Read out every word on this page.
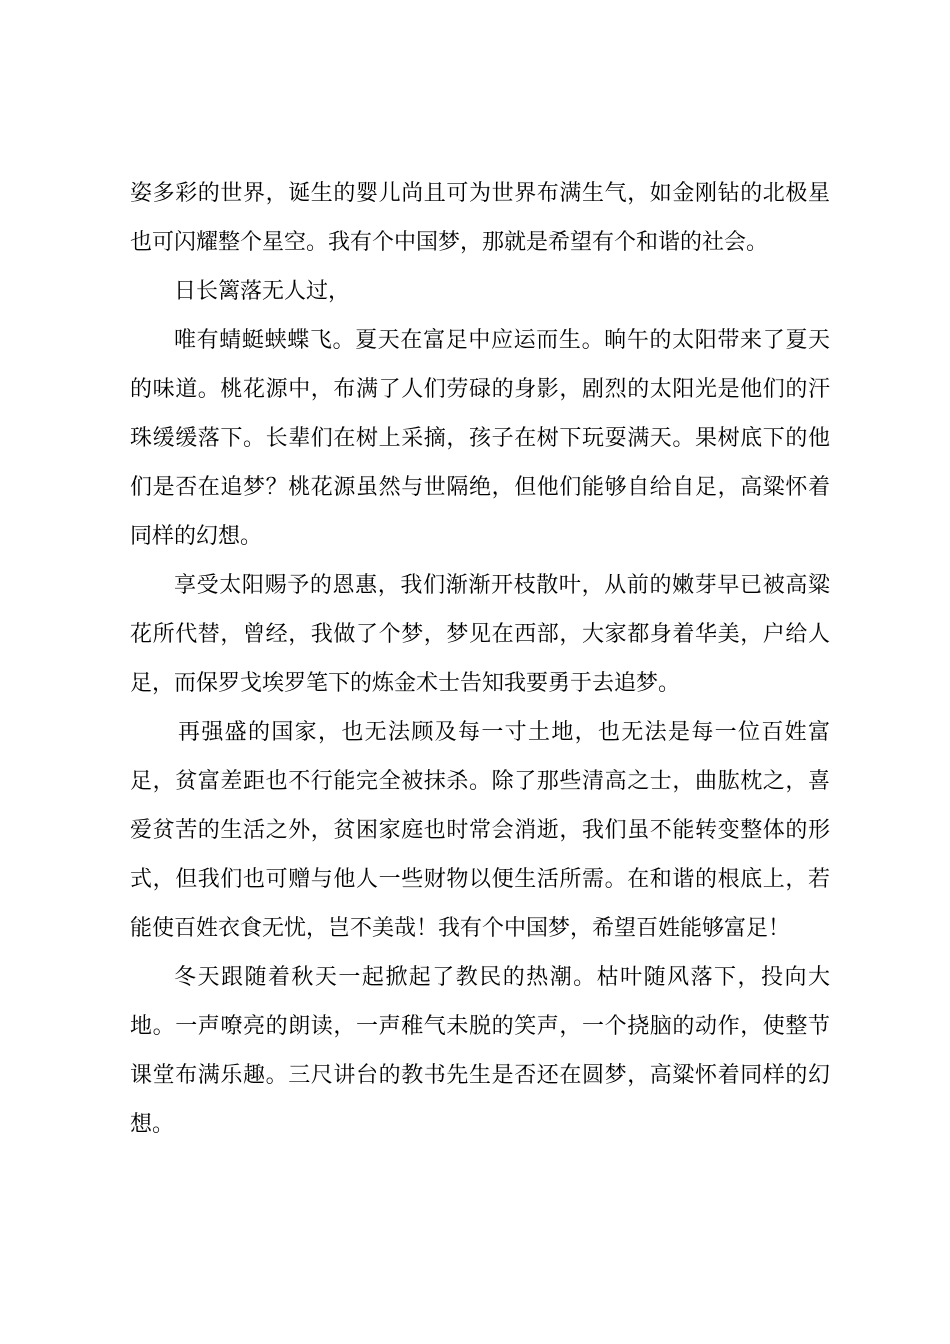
姿多彩的世界，诞生的婴儿尚且可为世界布满生气，如金刚钻的北极星
也可闪耀整个星空。我有个中国梦，那就是希望有个和谐的社会。
日长篱落无人过，
唯有蜻蜓蛱蝶飞。夏天在富足中应运而生。晌午的太阳带来了夏天
的味道。桃花源中，布满了人们劳碌的身影，剧烈的太阳光是他们的汗
珠缓缓落下。长辈们在树上采摘，孩子在树下玩耍满天。果树底下的他
们是否在追梦？桃花源虽然与世隔绝，但他们能够自给自足，高粱怀着
同样的幻想。
享受太阳赐予的恩惠，我们渐渐开枝散叶，从前的嫩芽早已被高粱
花所代替，曾经，我做了个梦，梦见在西部，大家都身着华美，户给人
足，而保罗戈埃罗笔下的炼金术士告知我要勇于去追梦。
再强盛的国家，也无法顾及每一寸土地，也无法是每一位百姓富
足，贫富差距也不行能完全被抹杀。除了那些清高之士，曲肱枕之，喜
爱贫苦的生活之外，贫困家庭也时常会消逝，我们虽不能转变整体的形
式，但我们也可赠与他人一些财物以便生活所需。在和谐的根底上，若
能使百姓衣食无忧，岂不美哉！我有个中国梦，希望百姓能够富足！
冬天跟随着秋天一起掀起了教民的热潮。枯叶随风落下，投向大
地。一声嘹亮的朗读，一声稚气未脱的笑声，一个挠脑的动作，使整节
课堂布满乐趣。三尺讲台的教书先生是否还在圆梦，高粱怀着同样的幻
想。
